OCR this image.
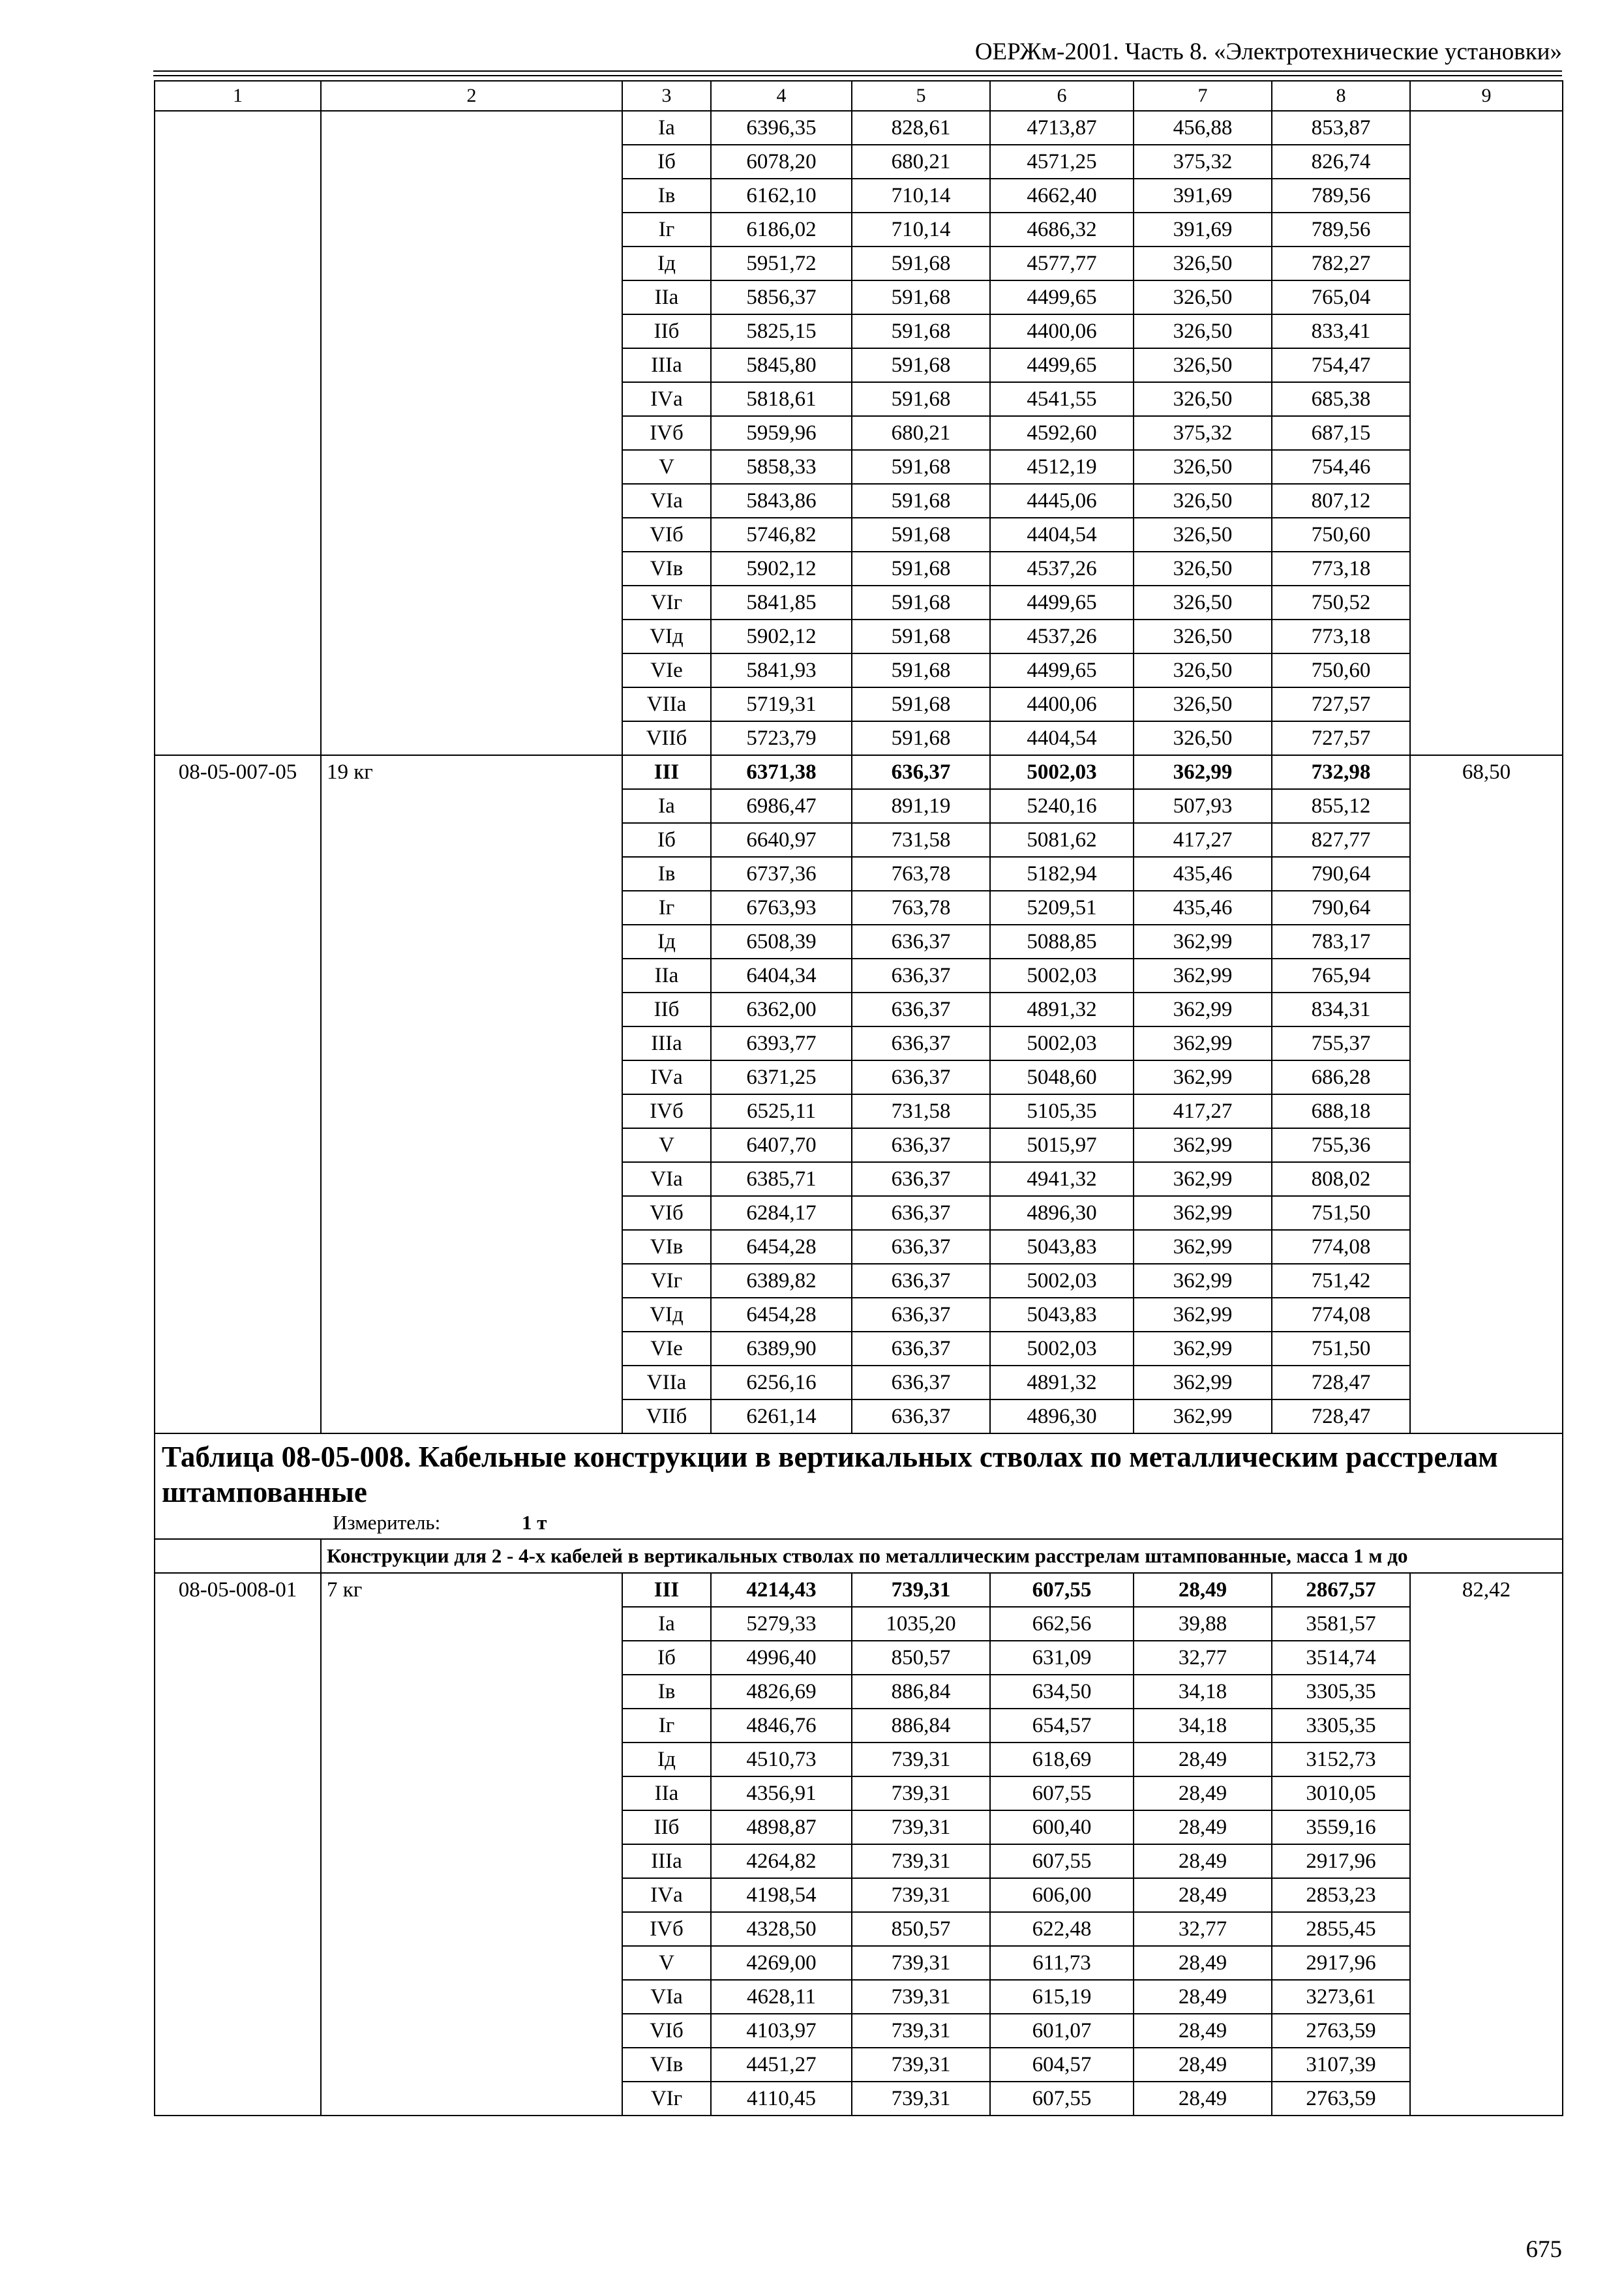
ОЕРЖм-2001. Часть 8. «Электротехнические установки»
1	2	3	4	5	6	7	8	9
		Iа	6396,35	828,61	4713,87	456,88	853,87	
		Iб	6078,20	680,21	4571,25	375,32	826,74	
		Iв	6162,10	710,14	4662,40	391,69	789,56	
		Iг	6186,02	710,14	4686,32	391,69	789,56	
		Iд	5951,72	591,68	4577,77	326,50	782,27	
		IIа	5856,37	591,68	4499,65	326,50	765,04	
		IIб	5825,15	591,68	4400,06	326,50	833,41	
		IIIа	5845,80	591,68	4499,65	326,50	754,47	
		IVа	5818,61	591,68	4541,55	326,50	685,38	
		IVб	5959,96	680,21	4592,60	375,32	687,15	
		V	5858,33	591,68	4512,19	326,50	754,46	
		VIа	5843,86	591,68	4445,06	326,50	807,12	
		VIб	5746,82	591,68	4404,54	326,50	750,60	
		VIв	5902,12	591,68	4537,26	326,50	773,18	
		VIг	5841,85	591,68	4499,65	326,50	750,52	
		VIд	5902,12	591,68	4537,26	326,50	773,18	
		VIе	5841,93	591,68	4499,65	326,50	750,60	
		VIIа	5719,31	591,68	4400,06	326,50	727,57	
		VIIб	5723,79	591,68	4404,54	326,50	727,57	
08-05-007-05	19 кг	III	6371,38	636,37	5002,03	362,99	732,98	68,50
		Iа	6986,47	891,19	5240,16	507,93	855,12	
		Iб	6640,97	731,58	5081,62	417,27	827,77	
		Iв	6737,36	763,78	5182,94	435,46	790,64	
		Iг	6763,93	763,78	5209,51	435,46	790,64	
		Iд	6508,39	636,37	5088,85	362,99	783,17	
		IIа	6404,34	636,37	5002,03	362,99	765,94	
		IIб	6362,00	636,37	4891,32	362,99	834,31	
		IIIа	6393,77	636,37	5002,03	362,99	755,37	
		IVа	6371,25	636,37	5048,60	362,99	686,28	
		IVб	6525,11	731,58	5105,35	417,27	688,18	
		V	6407,70	636,37	5015,97	362,99	755,36	
		VIа	6385,71	636,37	4941,32	362,99	808,02	
		VIб	6284,17	636,37	4896,30	362,99	751,50	
		VIв	6454,28	636,37	5043,83	362,99	774,08	
		VIг	6389,82	636,37	5002,03	362,99	751,42	
		VIд	6454,28	636,37	5043,83	362,99	774,08	
		VIе	6389,90	636,37	5002,03	362,99	751,50	
		VIIа	6256,16	636,37	4891,32	362,99	728,47	
		VIIб	6261,14	636,37	4896,30	362,99	728,47	

Таблица 08-05-008. Кабельные конструкции в вертикальных стволах по металлическим расстрелам штампованные
Измеритель: 1 т								

	Конструкции для 2 - 4-х кабелей в вертикальных стволах по металлическим расстрелам штампованные, масса 1 м до							
08-05-008-01	7 кг	III	4214,43	739,31	607,55	28,49	2867,57	82,42
		Iа	5279,33	1035,20	662,56	39,88	3581,57	
		Iб	4996,40	850,57	631,09	32,77	3514,74	
		Iв	4826,69	886,84	634,50	34,18	3305,35	
		Iг	4846,76	886,84	654,57	34,18	3305,35	
		Iд	4510,73	739,31	618,69	28,49	3152,73	
		IIа	4356,91	739,31	607,55	28,49	3010,05	
		IIб	4898,87	739,31	600,40	28,49	3559,16	
		IIIа	4264,82	739,31	607,55	28,49	2917,96	
		IVа	4198,54	739,31	606,00	28,49	2853,23	
		IVб	4328,50	850,57	622,48	32,77	2855,45	
		V	4269,00	739,31	611,73	28,49	2917,96	
		VIа	4628,11	739,31	615,19	28,49	3273,61	
		VIб	4103,97	739,31	601,07	28,49	2763,59	
		VIв	4451,27	739,31	604,57	28,49	3107,39	
		VIг	4110,45	739,31	607,55	28,49	2763,59	
675
